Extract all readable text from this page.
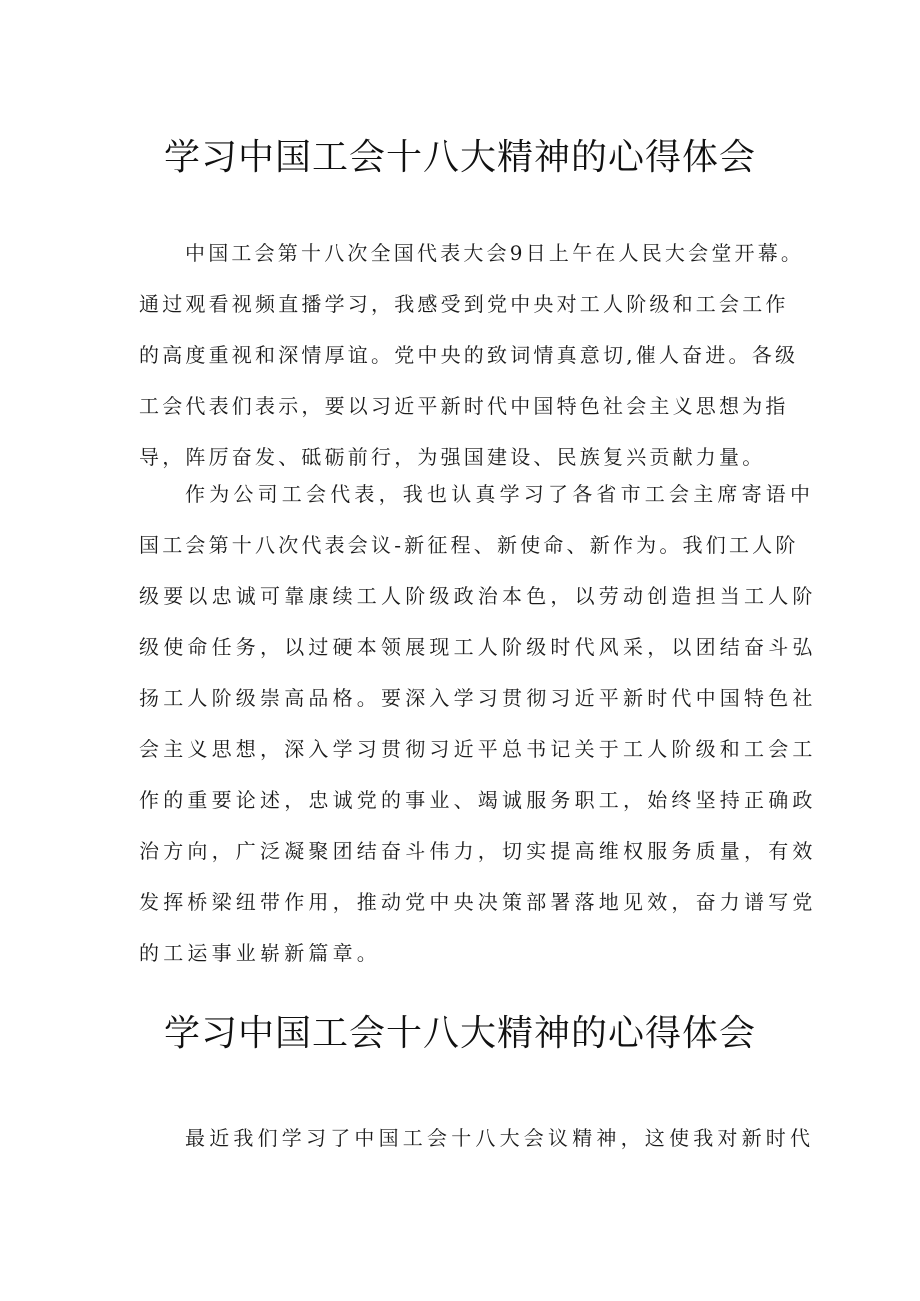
学习中国工会十八大精神的心得体会

中国工会第十八次全国代表大会9日上午在人民大会堂开幕。
通过观看视频直播学习，我感受到党中央对工人阶级和工会工作
的高度重视和深情厚谊。党中央的致词情真意切,催人奋进。各级
工会代表们表示，要以习近平新时代中国特色社会主义思想为指
导，阵厉奋发、砥砺前行，为强国建设、民族复兴贡献力量。

作为公司工会代表，我也认真学习了各省市工会主席寄语中
国工会第十八次代表会议-新征程、新使命、新作为。我们工人阶
级要以忠诚可靠康续工人阶级政治本色，以劳动创造担当工人阶
级使命任务，以过硬本领展现工人阶级时代风采，以团结奋斗弘
扬工人阶级崇高品格。要深入学习贯彻习近平新时代中国特色社
会主义思想，深入学习贯彻习近平总书记关于工人阶级和工会工
作的重要论述，忠诚党的事业、竭诚服务职工，始终坚持正确政
治方向，广泛凝聚团结奋斗伟力，切实提高维权服务质量，有效
发挥桥梁纽带作用，推动党中央决策部署落地见效，奋力谱写党
的工运事业崭新篇章。

学习中国工会十八大精神的心得体会

最近我们学习了中国工会十八大会议精神，这使我对新时代
